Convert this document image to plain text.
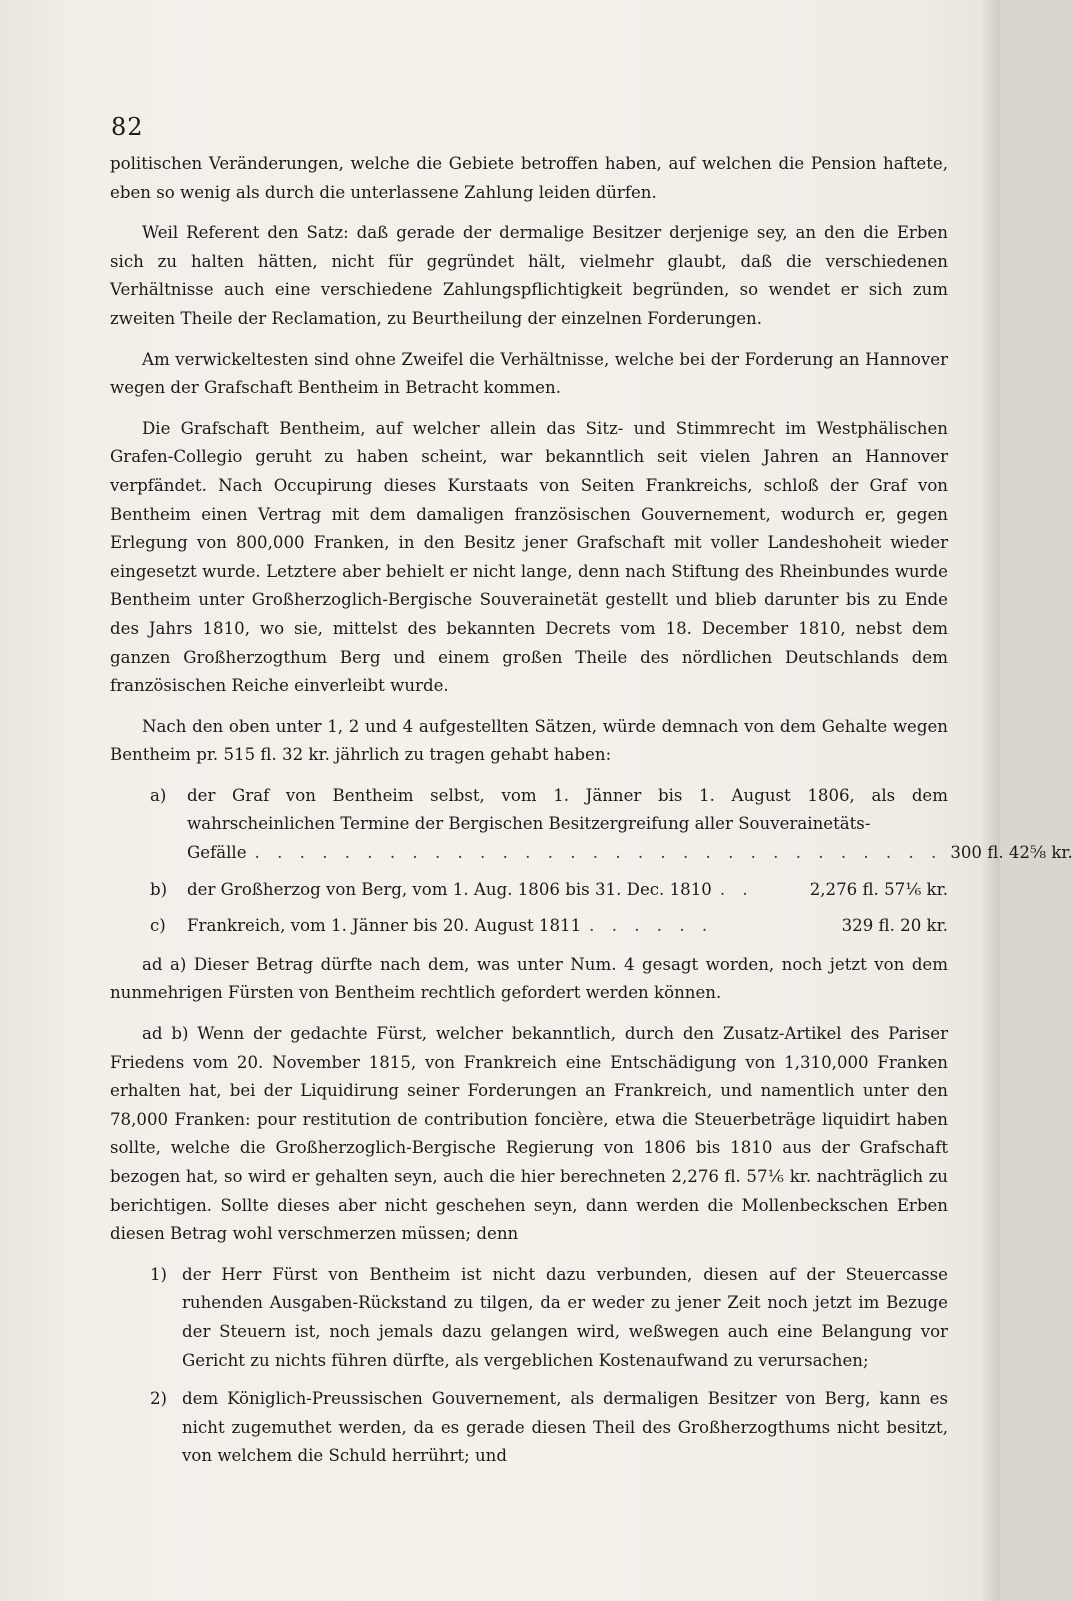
82

politischen Veränderungen, welche die Gebiete betroffen haben, auf welchen die Pension haftete, eben so wenig als durch die unterlassene Zahlung leiden dürfen.

Weil Referent den Satz: daß gerade der dermalige Besitzer derjenige sey, an den die Erben sich zu halten hätten, nicht für gegründet hält, vielmehr glaubt, daß die verschiedenen Verhältnisse auch eine verschiedene Zahlungspflichtigkeit begründen, so wendet er sich zum zweiten Theile der Reclamation, zu Beurtheilung der einzelnen Forderungen.

Am verwickeltesten sind ohne Zweifel die Verhältnisse, welche bei der Forderung an Hannover wegen der Grafschaft Bentheim in Betracht kommen.

Die Grafschaft Bentheim, auf welcher allein das Sitz- und Stimmrecht im Westphälischen Grafen-Collegio geruht zu haben scheint, war bekanntlich seit vielen Jahren an Hannover verpfändet. Nach Occupirung dieses Kurstaats von Seiten Frankreichs, schloß der Graf von Bentheim einen Vertrag mit dem damaligen französischen Gouvernement, wodurch er, gegen Erlegung von 800,000 Franken, in den Besitz jener Grafschaft mit voller Landeshoheit wieder eingesetzt wurde. Letztere aber behielt er nicht lange, denn nach Stiftung des Rheinbundes wurde Bentheim unter Großherzoglich-Bergische Souverainetät gestellt und blieb darunter bis zu Ende des Jahrs 1810, wo sie, mittelst des bekannten Decrets vom 18. December 1810, nebst dem ganzen Großherzogthum Berg und einem großen Theile des nördlichen Deutschlands dem französischen Reiche einverleibt wurde.

Nach den oben unter 1, 2 und 4 aufgestellten Sätzen, würde demnach von dem Gehalte wegen Bentheim pr. 515 fl. 32 kr. jährlich zu tragen gehabt haben:

a) der Graf von Bentheim selbst, vom 1. Jänner bis 1. August 1806, als dem wahrscheinlichen Termine der Bergischen Besitzergreifung aller Souverainetäts-
Gefälle . . . . . . . . . . . . . . . . . . . . . . . . . . . . . . . 300 fl. 42⅝ kr.
b) der Großherzog von Berg, vom 1. Aug. 1806 bis 31. Dec. 1810 . .	2,276 fl. 57⅙ kr.
c) Frankreich, vom 1. Jänner bis 20. August 1811 . . . . . .	329 fl. 20 kr.

ad a) Dieser Betrag dürfte nach dem, was unter Num. 4 gesagt worden, noch jetzt von dem nunmehrigen Fürsten von Bentheim rechtlich gefordert werden können.

ad b) Wenn der gedachte Fürst, welcher bekanntlich, durch den Zusatz-Artikel des Pariser Friedens vom 20. November 1815, von Frankreich eine Entschädigung von 1,310,000 Franken erhalten hat, bei der Liquidirung seiner Forderungen an Frankreich, und namentlich unter den 78,000 Franken: pour restitution de contribution foncière, etwa die Steuerbeträge liquidirt haben sollte, welche die Großherzoglich-Bergische Regierung von 1806 bis 1810 aus der Grafschaft bezogen hat, so wird er gehalten seyn, auch die hier berechneten 2,276 fl. 57⅙ kr. nachträglich zu berichtigen. Sollte dieses aber nicht geschehen seyn, dann werden die Mollenbeckschen Erben diesen Betrag wohl verschmerzen müssen; denn

1) der Herr Fürst von Bentheim ist nicht dazu verbunden, diesen auf der Steuercasse ruhenden Ausgaben-Rückstand zu tilgen, da er weder zu jener Zeit noch jetzt im Bezuge der Steuern ist, noch jemals dazu gelangen wird, weßwegen auch eine Belangung vor Gericht zu nichts führen dürfte, als vergeblichen Kostenaufwand zu verursachen;
2) dem Königlich-Preussischen Gouvernement, als dermaligen Besitzer von Berg, kann es nicht zugemuthet werden, da es gerade diesen Theil des Großherzogthums nicht besitzt, von welchem die Schuld herrührt; und
